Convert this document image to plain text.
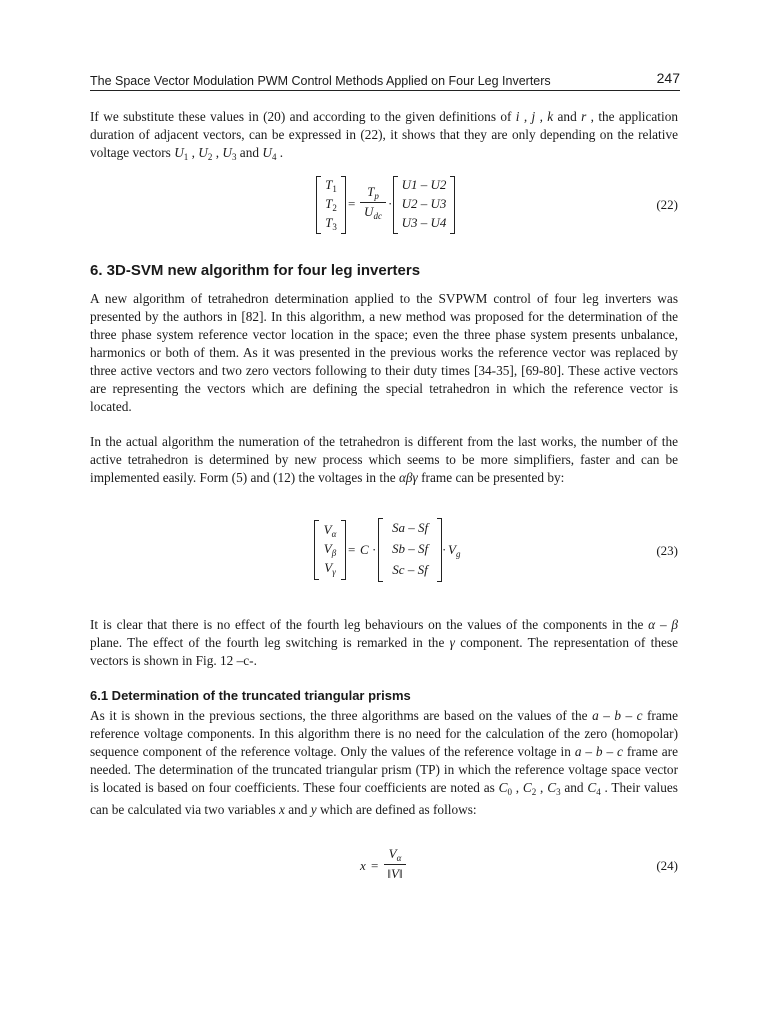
The Space Vector Modulation PWM Control Methods Applied on Four Leg Inverters	247

If we substitute these values in (20) and according to the given definitions of i , j , k and r , the application duration of adjacent vectors, can be expressed in (22), it shows that they are only depending on the relative voltage vectors $U_1$ , $U_2$ , $U_3$ and $U_4$ .

$T_1$
$T_2$
$T_3$
=
$T_p$
$U_{dc}$
·
U1 – U2
U2 – U3
U3 – U4
(22)
6. 3D-SVM new algorithm for four leg inverters

A new algorithm of tetrahedron determination applied to the SVPWM control of four leg inverters was presented by the authors in [82]. In this algorithm, a new method was proposed for the determination of the three phase system reference vector location in the space; even the three phase system presents unbalance, harmonics or both of them. As it was presented in the previous works the reference vector was replaced by three active vectors and two zero vectors following to their duty times [34-35], [69-80]. These active vectors are representing the vectors which are defining the special tetrahedron in which the reference vector is located.

In the actual algorithm the numeration of the tetrahedron is different from the last works, the number of the active tetrahedron is determined by new process which seems to be more simplifiers, faster and can be implemented easily. Form (5) and (12) the voltages in the αβγ frame can be presented by:

$V_\alpha$
$V_\beta$
$V_\gamma$
= C ·
Sa – Sf
Sb – Sf
Sc – Sf
· $V_g$	(23)

It is clear that there is no effect of the fourth leg behaviours on the values of the components in the α – β plane. The effect of the fourth leg switching is remarked in the γ component. The representation of these vectors is shown in Fig. 12 –c-.

6.1 Determination of the truncated triangular prisms

As it is shown in the previous sections, the three algorithms are based on the values of the a – b – c frame reference voltage components. In this algorithm there is no need for the calculation of the zero (homopolar) sequence component of the reference voltage. Only the values of the reference voltage in a – b – c frame are needed. The determination of the truncated triangular prism (TP) in which the reference voltage space vector is located is based on four coefficients. These four coefficients are noted as $C_0$ , $C_2$ , $C_3$ and $C_4$ . Their values can be calculated via two variables x and y which are defined as follows:

x =
$V_\alpha$
‖V‖
(24)
